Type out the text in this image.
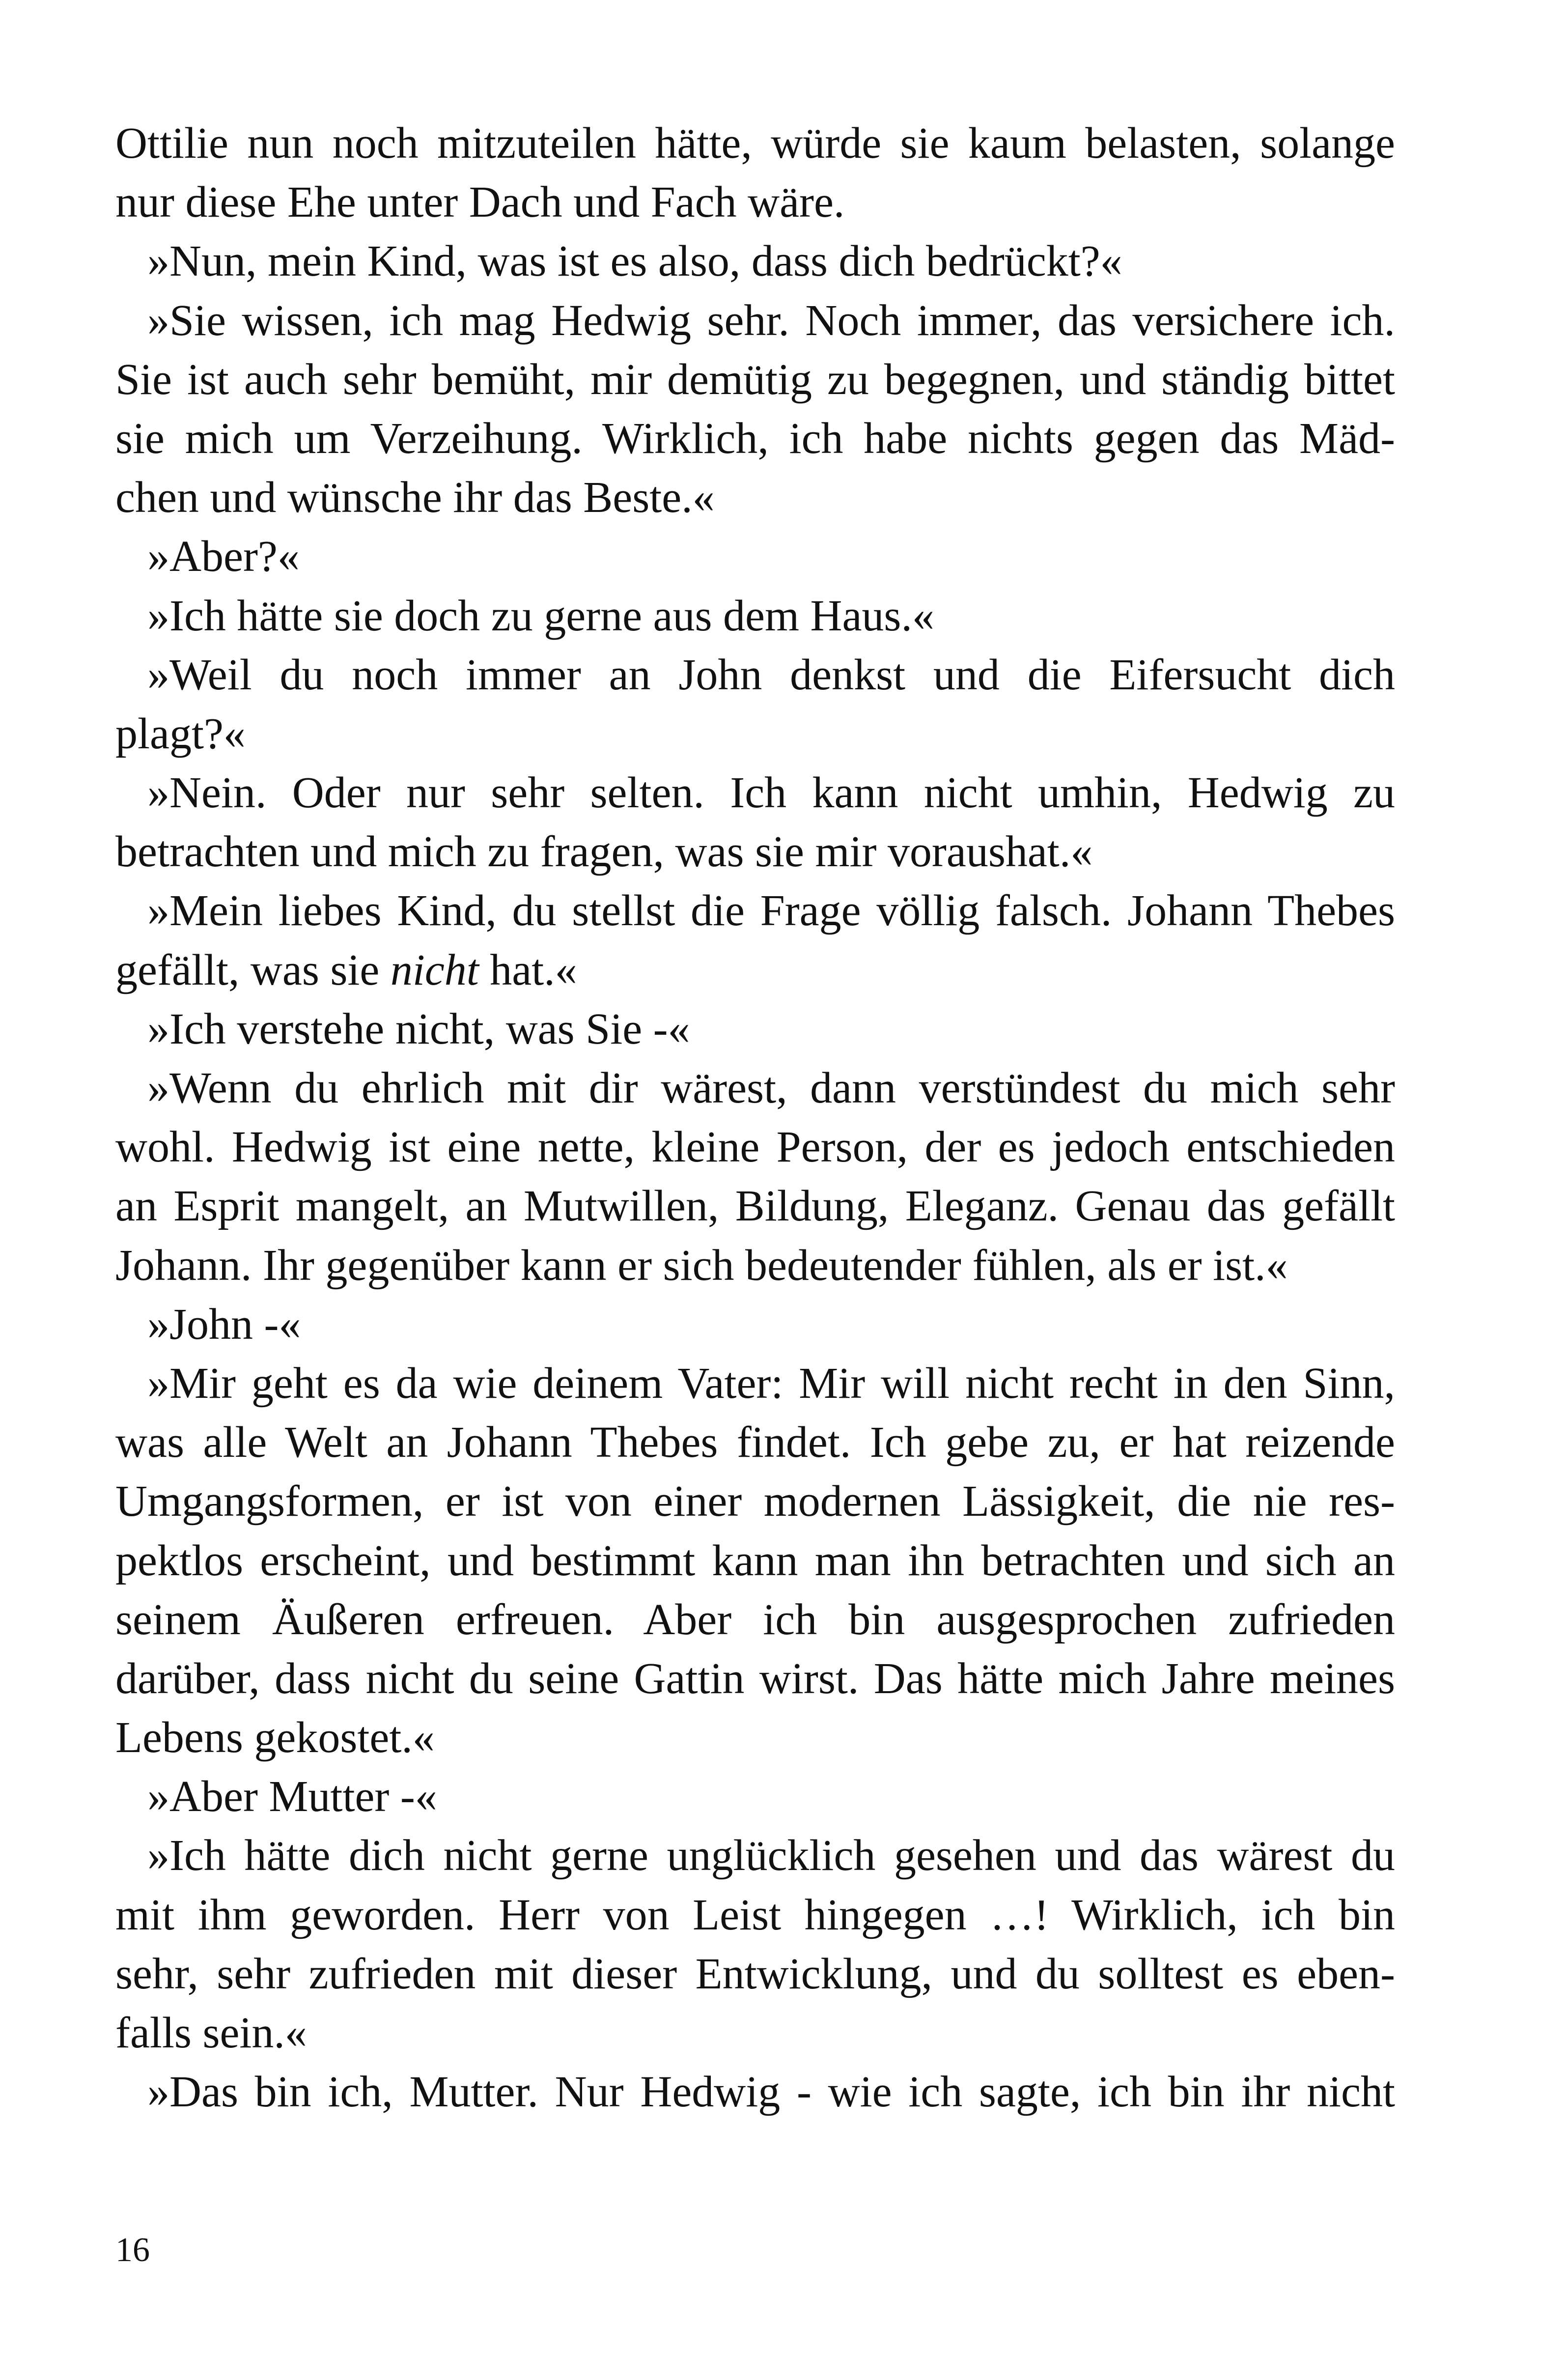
Ottilie nun noch mitzuteilen hätte, würde sie kaum belasten, solange
nur diese Ehe unter Dach und Fach wäre.
»Nun, mein Kind, was ist es also, dass dich bedrückt?«
»Sie wissen, ich mag Hedwig sehr. Noch immer, das versichere ich.
Sie ist auch sehr bemüht, mir demütig zu begegnen, und ständig bittet
sie mich um Verzeihung. Wirklich, ich habe nichts gegen das Mäd-
chen und wünsche ihr das Beste.«
»Aber?«
»Ich hätte sie doch zu gerne aus dem Haus.«
»Weil du noch immer an John denkst und die Eifersucht dich
plagt?«
»Nein. Oder nur sehr selten. Ich kann nicht umhin, Hedwig zu
betrachten und mich zu fragen, was sie mir voraushat.«
»Mein liebes Kind, du stellst die Frage völlig falsch. Johann Thebes
gefällt, was sie nicht hat.«
»Ich verstehe nicht, was Sie -«
»Wenn du ehrlich mit dir wärest, dann verstündest du mich sehr
wohl. Hedwig ist eine nette, kleine Person, der es jedoch entschieden
an Esprit mangelt, an Mutwillen, Bildung, Eleganz. Genau das gefällt
Johann. Ihr gegenüber kann er sich bedeutender fühlen, als er ist.«
»John -«
»Mir geht es da wie deinem Vater: Mir will nicht recht in den Sinn,
was alle Welt an Johann Thebes findet. Ich gebe zu, er hat reizende
Umgangsformen, er ist von einer modernen Lässigkeit, die nie res-
pektlos erscheint, und bestimmt kann man ihn betrachten und sich an
seinem Äußeren erfreuen. Aber ich bin ausgesprochen zufrieden
darüber, dass nicht du seine Gattin wirst. Das hätte mich Jahre meines
Lebens gekostet.«
»Aber Mutter -«
»Ich hätte dich nicht gerne unglücklich gesehen und das wärest du
mit ihm geworden. Herr von Leist hingegen …! Wirklich, ich bin
sehr, sehr zufrieden mit dieser Entwicklung, und du solltest es eben-
falls sein.«
»Das bin ich, Mutter. Nur Hedwig - wie ich sagte, ich bin ihr nicht
16
